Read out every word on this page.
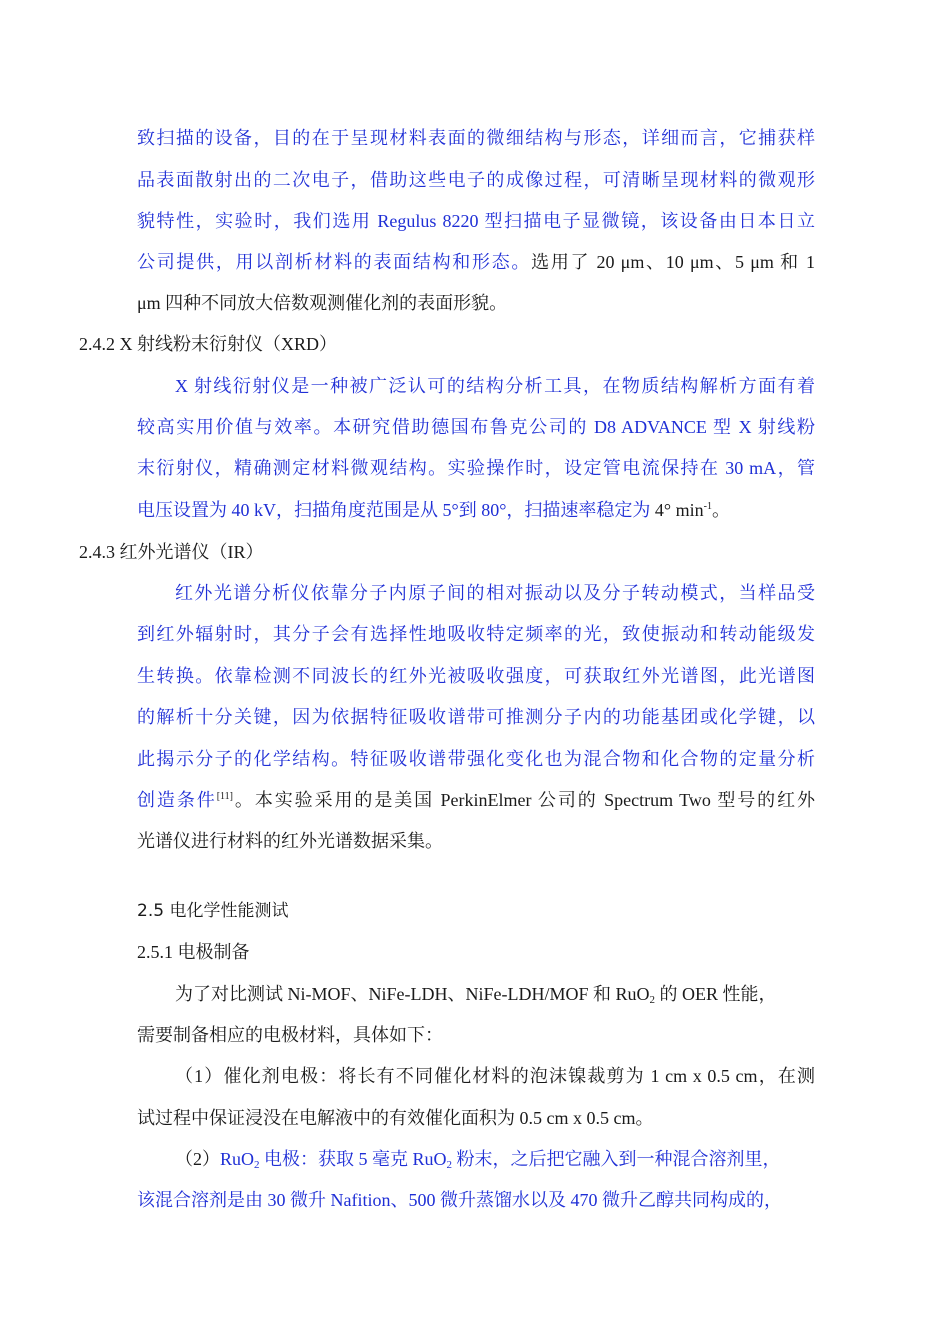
致扫描的设备，目的在于呈现材料表面的微细结构与形态，详细而言，它捕获样
品表面散射出的二次电子，借助这些电子的成像过程，可清晰呈现材料的微观形
貌特性，实验时，我们选用 Regulus 8220 型扫描电子显微镜，该设备由日本日立
公司提供，用以剖析材料的表面结构和形态。选用了 20 μm、10 μm、5 μm 和 1
μm 四种不同放大倍数观测催化剂的表面形貌。
2.4.2 X 射线粉末衍射仪（XRD）
X 射线衍射仪是一种被广泛认可的结构分析工具，在物质结构解析方面有着
较高实用价值与效率。本研究借助德国布鲁克公司的 D8 ADVANCE 型 X 射线粉
末衍射仪，精确测定材料微观结构。实验操作时，设定管电流保持在 30 mA，管
电压设置为 40 kV，扫描角度范围是从 5°到 80°，扫描速率稳定为 4° $\min^{-1}$。
2.4.3 红外光谱仪（IR）
红外光谱分析仪依靠分子内原子间的相对振动以及分子转动模式，当样品受
到红外辐射时，其分子会有选择性地吸收特定频率的光，致使振动和转动能级发
生转换。依靠检测不同波长的红外光被吸收强度，可获取红外光谱图，此光谱图
的解析十分关键，因为依据特征吸收谱带可推测分子内的功能基团或化学键，以
此揭示分子的化学结构。特征吸收谱带强化变化也为混合物和化合物的定量分析
创造条件[11]。本实验采用的是美国 PerkinElmer 公司的 Spectrum Two 型号的红外
光谱仪进行材料的红外光谱数据采集。
2.5 电化学性能测试
2.5.1 电极制备
为了对比测试 Ni-MOF、NiFe-LDH、NiFe-LDH/MOF 和 RuO$_2$ 的 OER 性能，
需要制备相应的电极材料，具体如下：
（1）催化剂电极：将长有不同催化材料的泡沫镍裁剪为 1 cm x 0.5 cm，在测
试过程中保证浸没在电解液中的有效催化面积为 0.5 cm x 0.5 cm。
（2）RuO$_2$ 电极：获取 5 毫克 RuO$_2$ 粉末，之后把它融入到一种混合溶剂里，
该混合溶剂是由 30 微升 Nafition、500 微升蒸馏水以及 470 微升乙醇共同构成的，
